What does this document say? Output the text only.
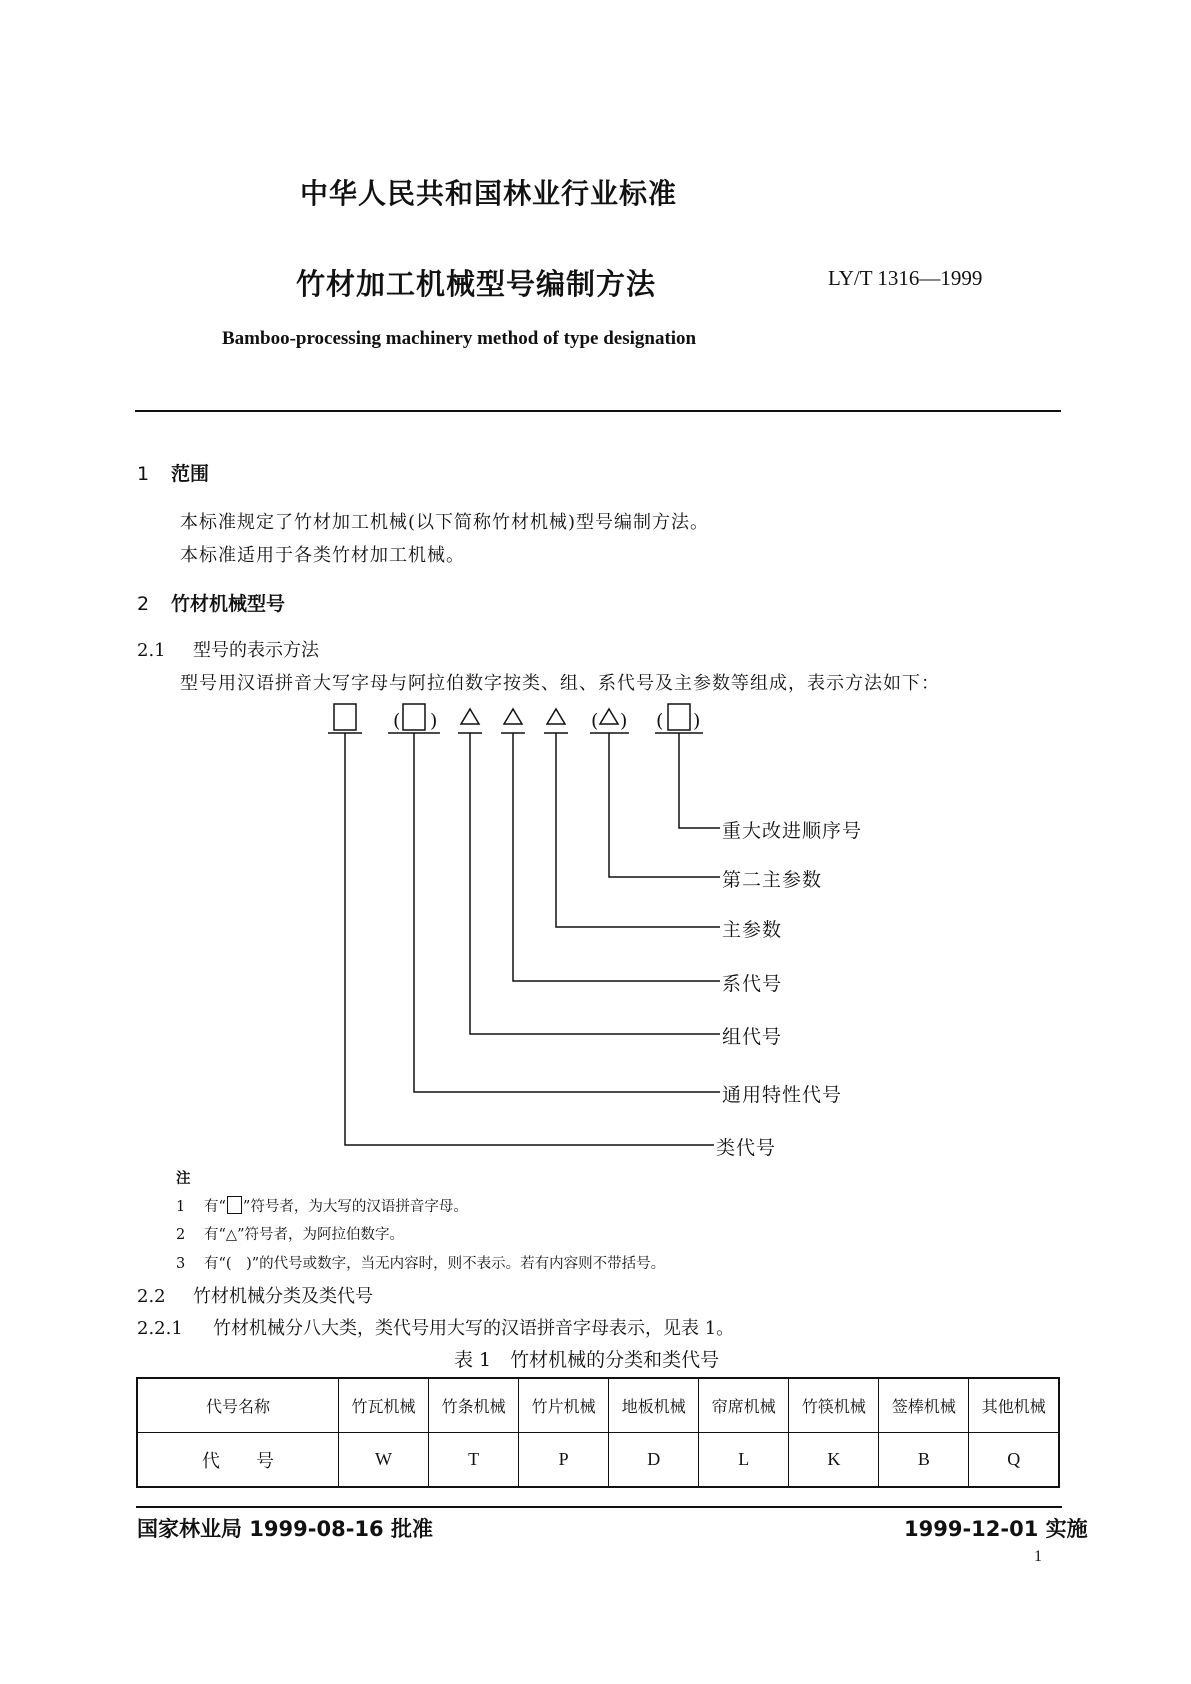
中华人民共和国林业行业标准
竹材加工机械型号编制方法	LY/T 1316—1999
Bamboo-processing machinery method of type designation
1 范围
本标准规定了竹材加工机械(以下简称竹材机械)型号编制方法。
本标准适用于各类竹材加工机械。
2 竹材机械型号
2.1 型号的表示方法
型号用汉语拼音大写字母与阿拉伯数字按类、组、系代号及主参数等组成，表示方法如下：
( )	( ) ( )
重大改进顺序号
第二主参数
主参数
系代号
组代号
通用特性代号
类代号
注
1 有“ ”符号者，为大写的汉语拼音字母。
2 有“△”符号者，为阿拉伯数字。
3 有“(　)”的代号或数字，当无内容时，则不表示。若有内容则不带括号。
2.2 竹材机械分类及类代号
2.2.1 竹材机械分八大类，类代号用大写的汉语拼音字母表示，见表 1。
表 1　竹材机械的分类和类代号
代号名称	竹瓦机械	竹条机械	竹片机械	地板机械	帘席机械	竹筷机械	签棒机械	其他机械
代　　号	W	T	P	D	L	K	B	Q
国家林业局 1999-08-16 批准	1999-12-01 实施
1
